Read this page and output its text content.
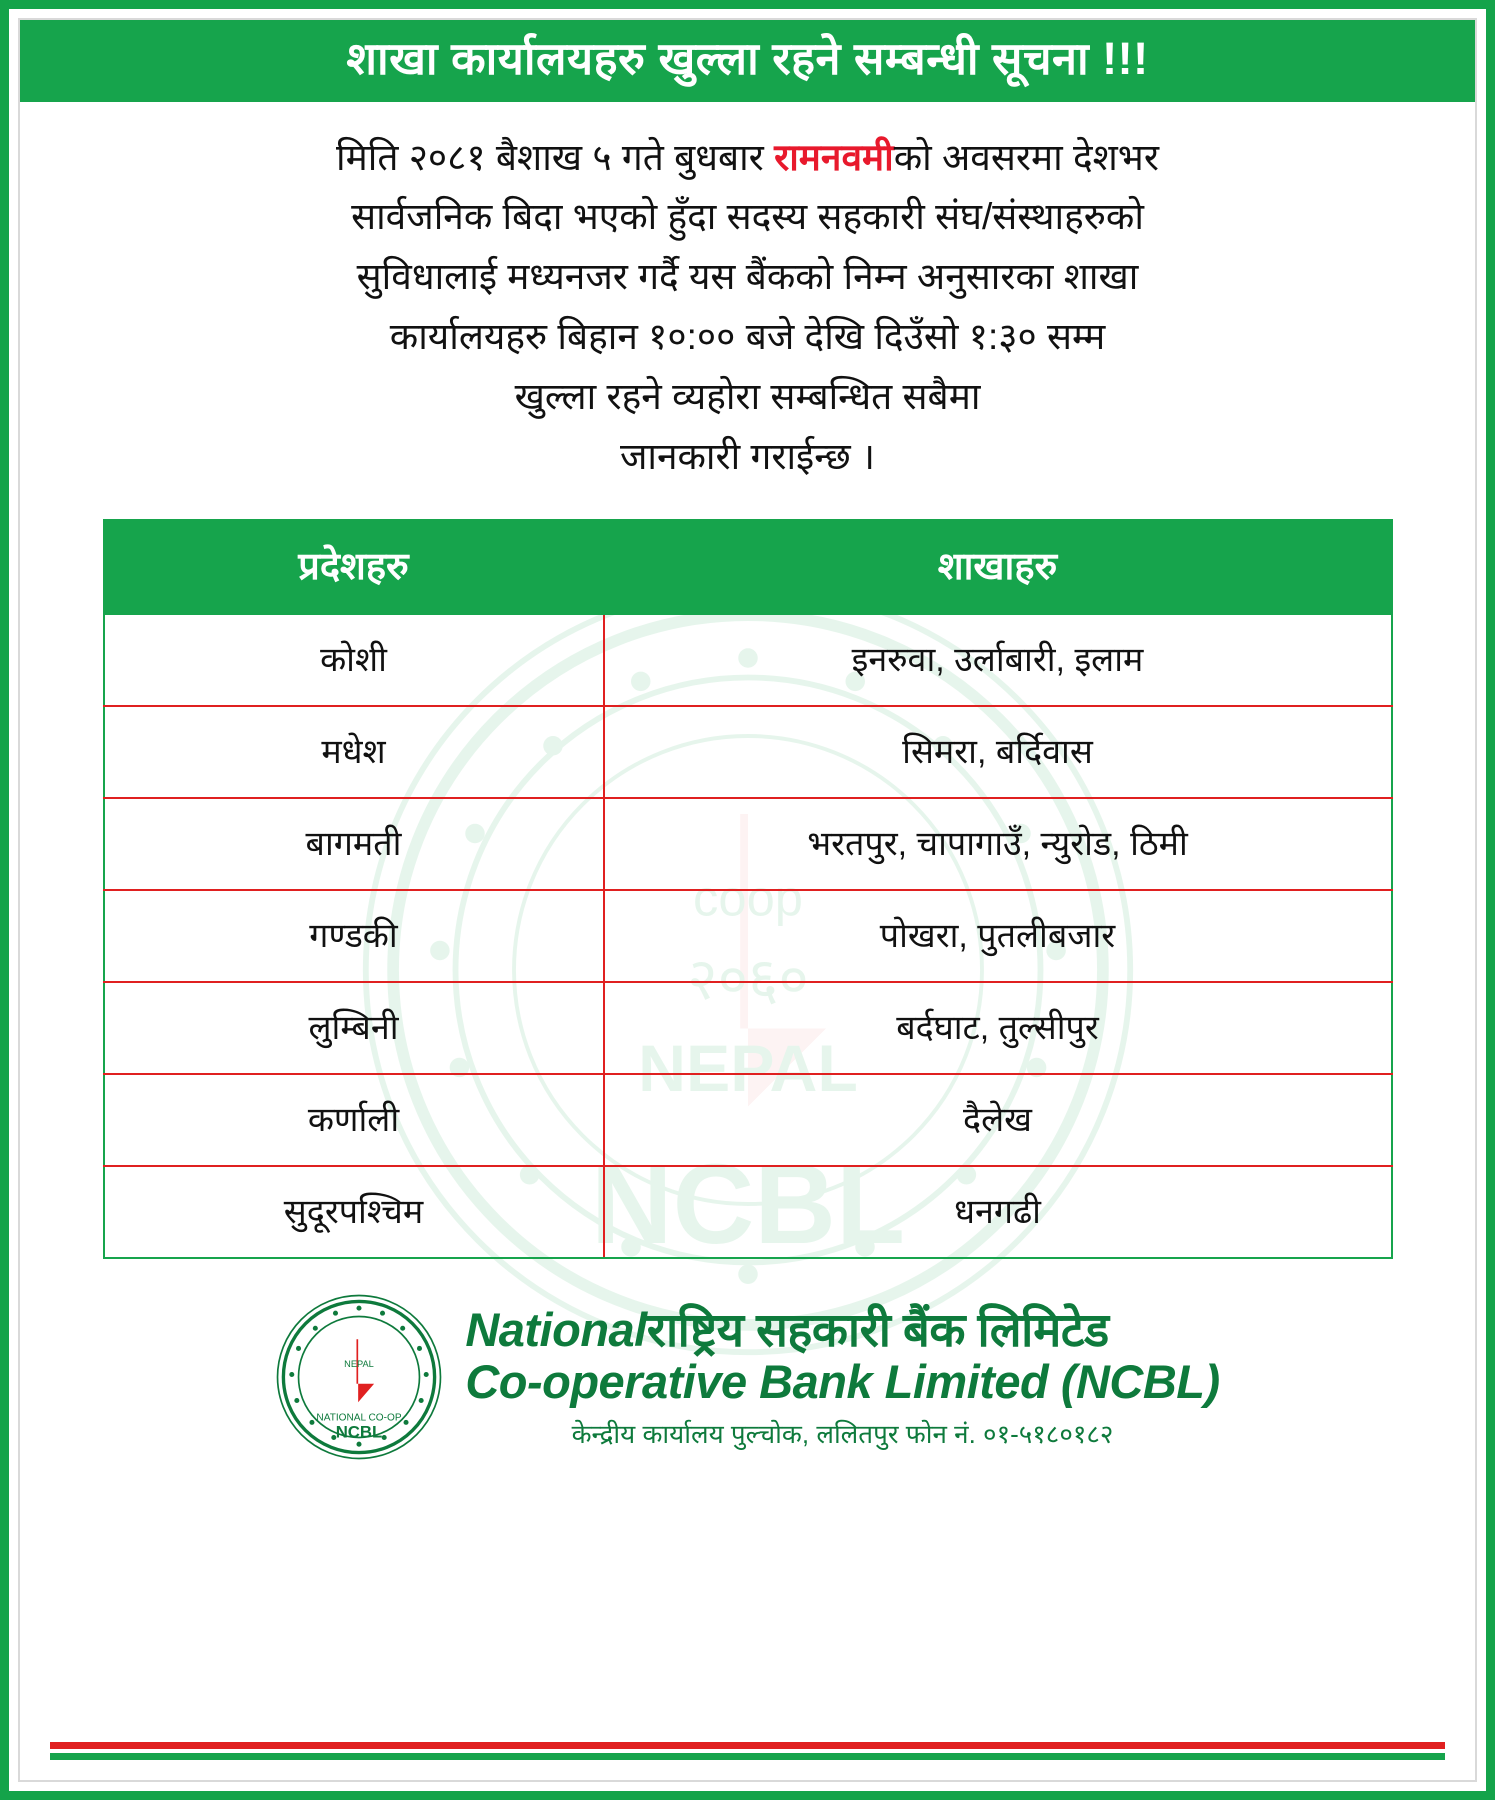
२०६०
NEPAL
NCBL
coop
शाखा कार्यालयहरु खुल्ला रहने सम्बन्धी सूचना !!!
मिति २०८१ बैशाख ५ गते बुधबार रामनवमीको अवसरमा देशभर
सार्वजनिक बिदा भएको हुँदा सदस्य सहकारी संघ/संस्थाहरुको
सुविधालाई मध्यनजर गर्दै यस बैंकको निम्न अनुसारका शाखा
कार्यालयहरु बिहान १०:०० बजे देखि दिउँसो १:३० सम्म
खुल्ला रहने व्यहोरा सम्बन्धित सबैमा
जानकारी गराईन्छ ।
प्रदेशहरु	शाखाहरु
कोशी	इनरुवा, उर्लाबारी, इलाम
मधेश	सिमरा, बर्दिवास
बागमती	भरतपुर, चापागाउँ, न्युरोड, ठिमी
गण्डकी	पोखरा, पुतलीबजार
लुम्बिनी	बर्दघाट, तुल्सीपुर
कर्णाली	दैलेख
सुदूरपश्चिम	धनगढी
NEPAL
NATIONAL CO-OP
NCBL
Nationalराष्ट्रिय सहकारी बैंक लिमिटेड
Co-operative Bank Limited (NCBL)
केन्द्रीय कार्यालय पुल्चोक, ललितपुर फोन नं. ०१-५१८०१८२
